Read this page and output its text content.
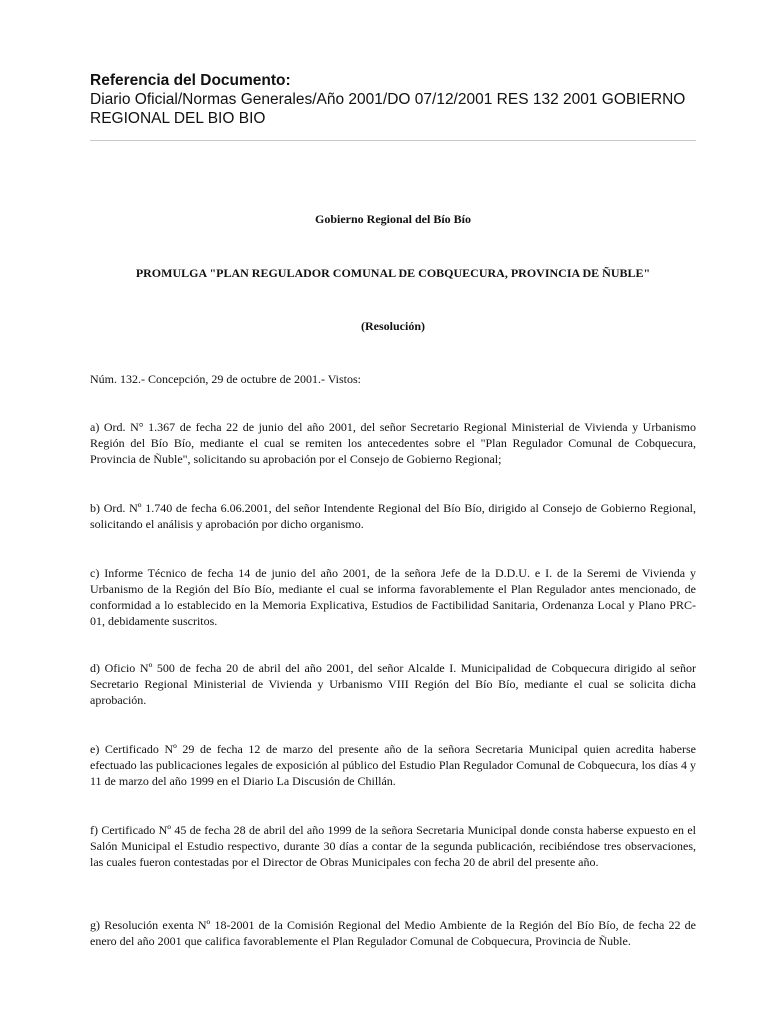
Referencia del Documento:
Diario Oficial/Normas Generales/Año 2001/DO 07/12/2001 RES 132 2001 GOBIERNO REGIONAL DEL BIO BIO
Gobierno Regional del Bío Bío
PROMULGA "PLAN REGULADOR COMUNAL DE COBQUECURA, PROVINCIA DE ÑUBLE"
(Resolución)
Núm. 132.- Concepción, 29 de octubre de 2001.- Vistos:
a) Ord. N° 1.367 de fecha 22 de junio del año 2001, del señor Secretario Regional Ministerial de Vivienda y Urbanismo Región del Bío Bío, mediante el cual se remiten los antecedentes sobre el "Plan Regulador Comunal de Cobquecura, Provincia de Ñuble", solicitando su aprobación por el Consejo de Gobierno Regional;
b) Ord. Nº 1.740 de fecha 6.06.2001, del señor Intendente Regional del Bío Bío, dirigido al Consejo de Gobierno Regional, solicitando el análisis y aprobación por dicho organismo.
c) Informe Técnico de fecha 14 de junio del año 2001, de la señora Jefe de la D.D.U. e I. de la Seremi de Vivienda y Urbanismo de la Región del Bío Bío, mediante el cual se informa favorablemente el Plan Regulador antes mencionado, de conformidad a lo establecido en la Memoria Explicativa, Estudios de Factibilidad Sanitaria, Ordenanza Local y Plano PRC-01, debidamente suscritos.
d) Oficio Nº 500 de fecha 20 de abril del año 2001, del señor Alcalde I. Municipalidad de Cobquecura dirigido al señor Secretario Regional Ministerial de Vivienda y Urbanismo VIII Región del Bío Bío, mediante el cual se solicita dicha aprobación.
e) Certificado Nº 29 de fecha 12 de marzo del presente año de la señora Secretaria Municipal quien acredita haberse efectuado las publicaciones legales de exposición al público del Estudio Plan Regulador Comunal de Cobquecura, los días 4 y 11 de marzo del año 1999 en el Diario La Discusión de Chillán.
f) Certificado Nº 45 de fecha 28 de abril del año 1999 de la señora Secretaria Municipal donde consta haberse expuesto en el Salón Municipal el Estudio respectivo, durante 30 días a contar de la segunda publicación, recibiéndose tres observaciones, las cuales fueron contestadas por el Director de Obras Municipales con fecha 20 de abril del presente año.
g) Resolución exenta Nº 18-2001 de la Comisión Regional del Medio Ambiente de la Región del Bío Bío, de fecha 22 de enero del año 2001 que califica favorablemente el Plan Regulador Comunal de Cobquecura, Provincia de Ñuble.
